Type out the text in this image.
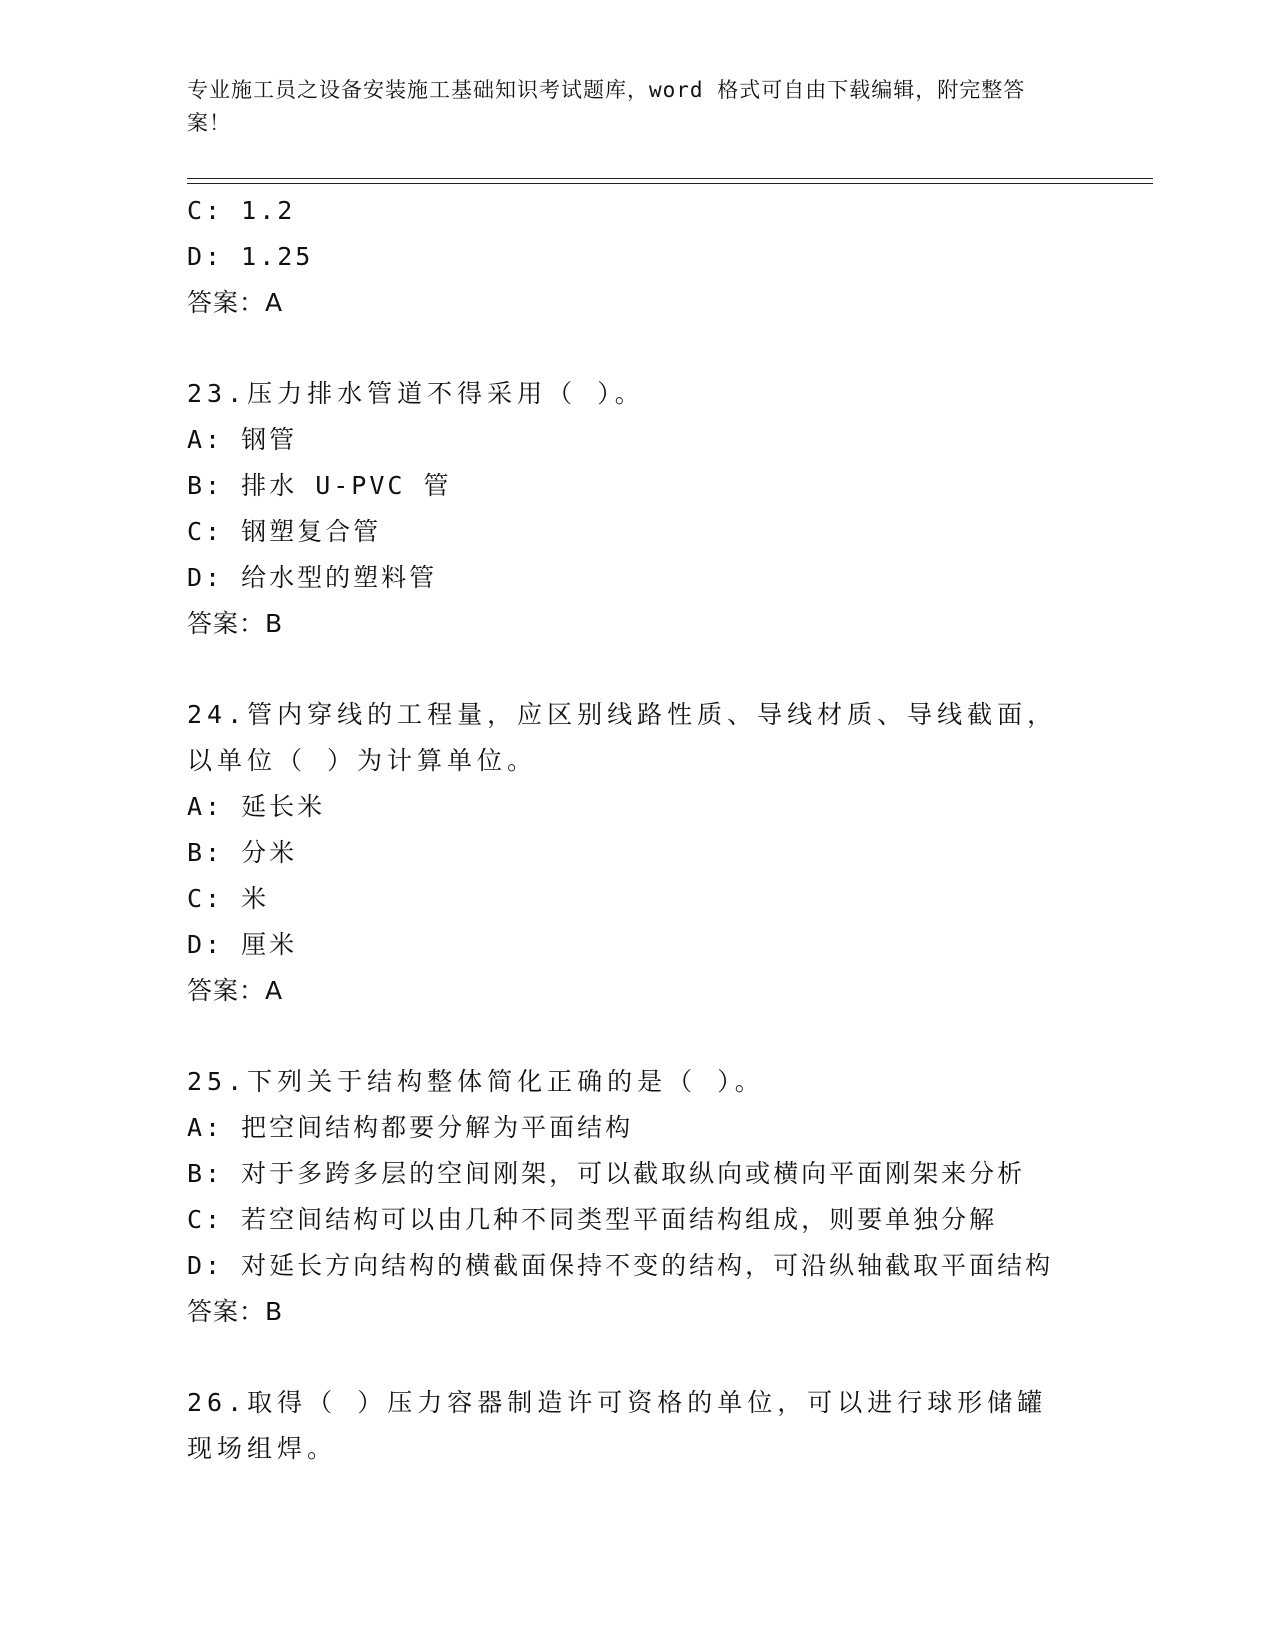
专业施工员之设备安装施工基础知识考试题库，word 格式可自由下载编辑，附完整答案！
C: 1.2
D: 1.25
答案：A
23.压力排水管道不得采用（ ）。
A: 钢管
B: 排水 U-PVC 管
C: 钢塑复合管
D: 给水型的塑料管
答案：B
24.管内穿线的工程量，应区别线路性质、导线材质、导线截面，以单位（ ）为计算单位。
A: 延长米
B: 分米
C: 米
D: 厘米
答案：A
25.下列关于结构整体简化正确的是（ ）。
A: 把空间结构都要分解为平面结构
B: 对于多跨多层的空间刚架，可以截取纵向或横向平面刚架来分析
C: 若空间结构可以由几种不同类型平面结构组成，则要单独分解
D: 对延长方向结构的横截面保持不变的结构，可沿纵轴截取平面结构
答案：B
26.取得（ ）压力容器制造许可资格的单位，可以进行球形储罐现场组焊。
